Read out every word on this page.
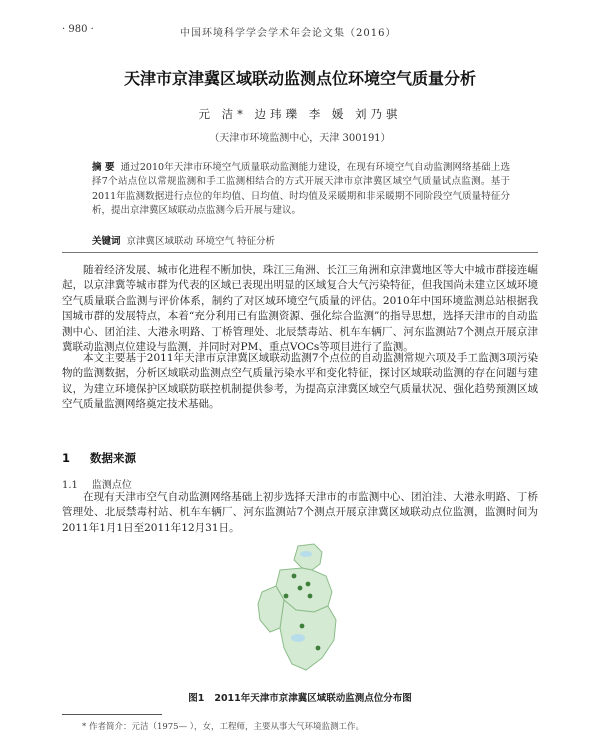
· 980 ·	中国环境科学学会学术年会论文集（2016）
天津市京津冀区域联动监测点位环境空气质量分析
元 洁* 边玮瓅 李 媛 刘乃骐
（天津市环境监测中心，天津 300191）
摘 要 通过2010年天津市环境空气质量联动监测能力建设，在现有环境空气自动监测网络基础上选择7个站点位以常规监测和手工监测相结合的方式开展天津市京津冀区域空气质量试点监测。基于2011年监测数据进行点位的年均值、日均值、时均值及采暖期和非采暖期不同阶段空气质量特征分析，提出京津冀区域联动点监测今后开展与建议。
关键词 京津冀区域联动 环境空气 特征分析
随着经济发展、城市化进程不断加快，珠江三角洲、长江三角洲和京津冀地区等大中城市群接连崛起，以京津冀等城市群为代表的区域已表现出明显的区域复合大气污染特征，但我国尚未建立区域环境空气质量联合监测与评价体系，制约了对区域环境空气质量的评估。2010年中国环境监测总站根据我国城市群的发展特点，本着“充分利用已有监测资源、强化综合监测”的指导思想，选择天津市的自动监测中心、团泊洼、大港永明路、丁桥管理处、北辰禁毒站、机车车辆厂、河东监测站7个测点开展京津冀联动监测点位建设与监测，并同时对PM、重点VOCs等项目进行了监测。
本文主要基于2011年天津市京津冀区域联动监测7个点位的自动监测常规六项及手工监测3项污染物的监测数据，分析区域联动监测点空气质量污染水平和变化特征，探讨区域联动监测的存在问题与建议，为建立环境保护区域联防联控机制提供参考，为提高京津冀区域空气质量状况、强化趋势预测区域空气质量监测网络奠定技术基础。
1 数据来源
1.1 监测点位
在现有天津市空气自动监测网络基础上初步选择天津市的市监测中心、团泊洼、大港永明路、丁桥管理处、北辰禁毒村站、机车车辆厂、河东监测站7个测点开展京津冀区域联动点位监测，监测时间为2011年1月1日至2011年12月31日。
图1 2011年天津市京津冀区域联动监测点位分布图
* 作者简介：元洁（1975— ），女，工程师，主要从事大气环境监测工作。
